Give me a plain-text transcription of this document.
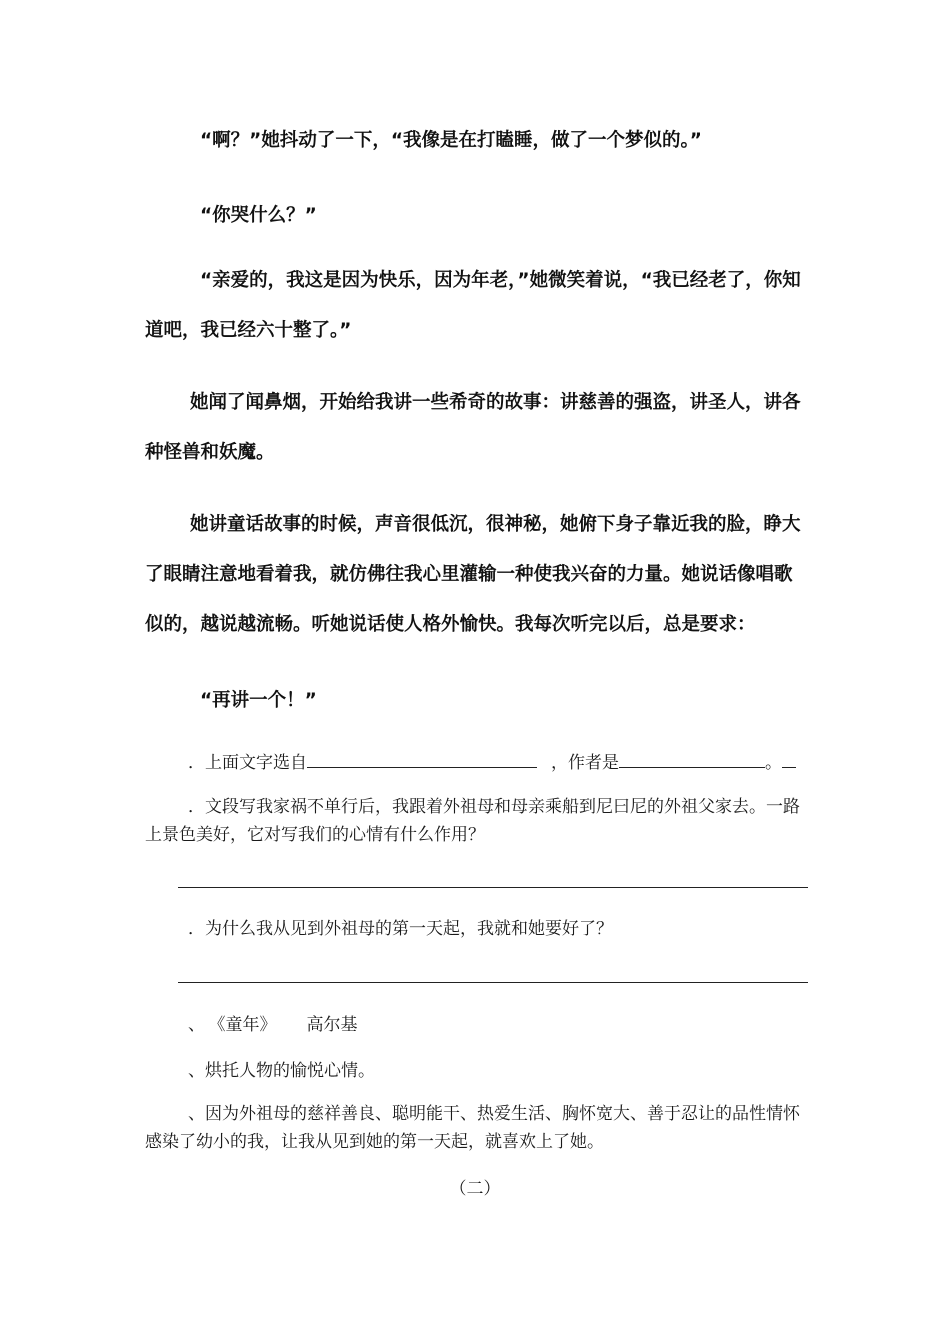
“啊？”她抖动了一下，“我像是在打瞌睡，做了一个梦似的。”

“你哭什么？”

“亲爱的，我这是因为快乐，因为年老，”她微笑着说，“我已经老了，你知道吧，我已经六十整了。”

她闻了闻鼻烟，开始给我讲一些希奇的故事：讲慈善的强盗，讲圣人，讲各种怪兽和妖魔。

她讲童话故事的时候，声音很低沉，很神秘，她俯下身子靠近我的脸，睁大了眼睛注意地看着我，就仿佛往我心里灌输一种使我兴奋的力量。她说话像唱歌似的，越说越流畅。听她说话使人格外愉快。我每次听完以后，总是要求：

“再讲一个！”

．上面文字选自	，作者是	。

．文段写我家祸不单行后，我跟着外祖母和母亲乘船到尼曰尼的外祖父家去。一路上景色美好，它对写我们的心情有什么作用？

．为什么我从见到外祖母的第一天起，我就和她要好了？

、 《童年》 高尔基

、烘托人物的愉悦心情。

、因为外祖母的慈祥善良、聪明能干、热爱生活、胸怀宽大、善于忍让的品性情怀感染了幼小的我，让我从见到她的第一天起，就喜欢上了她。

（二）
